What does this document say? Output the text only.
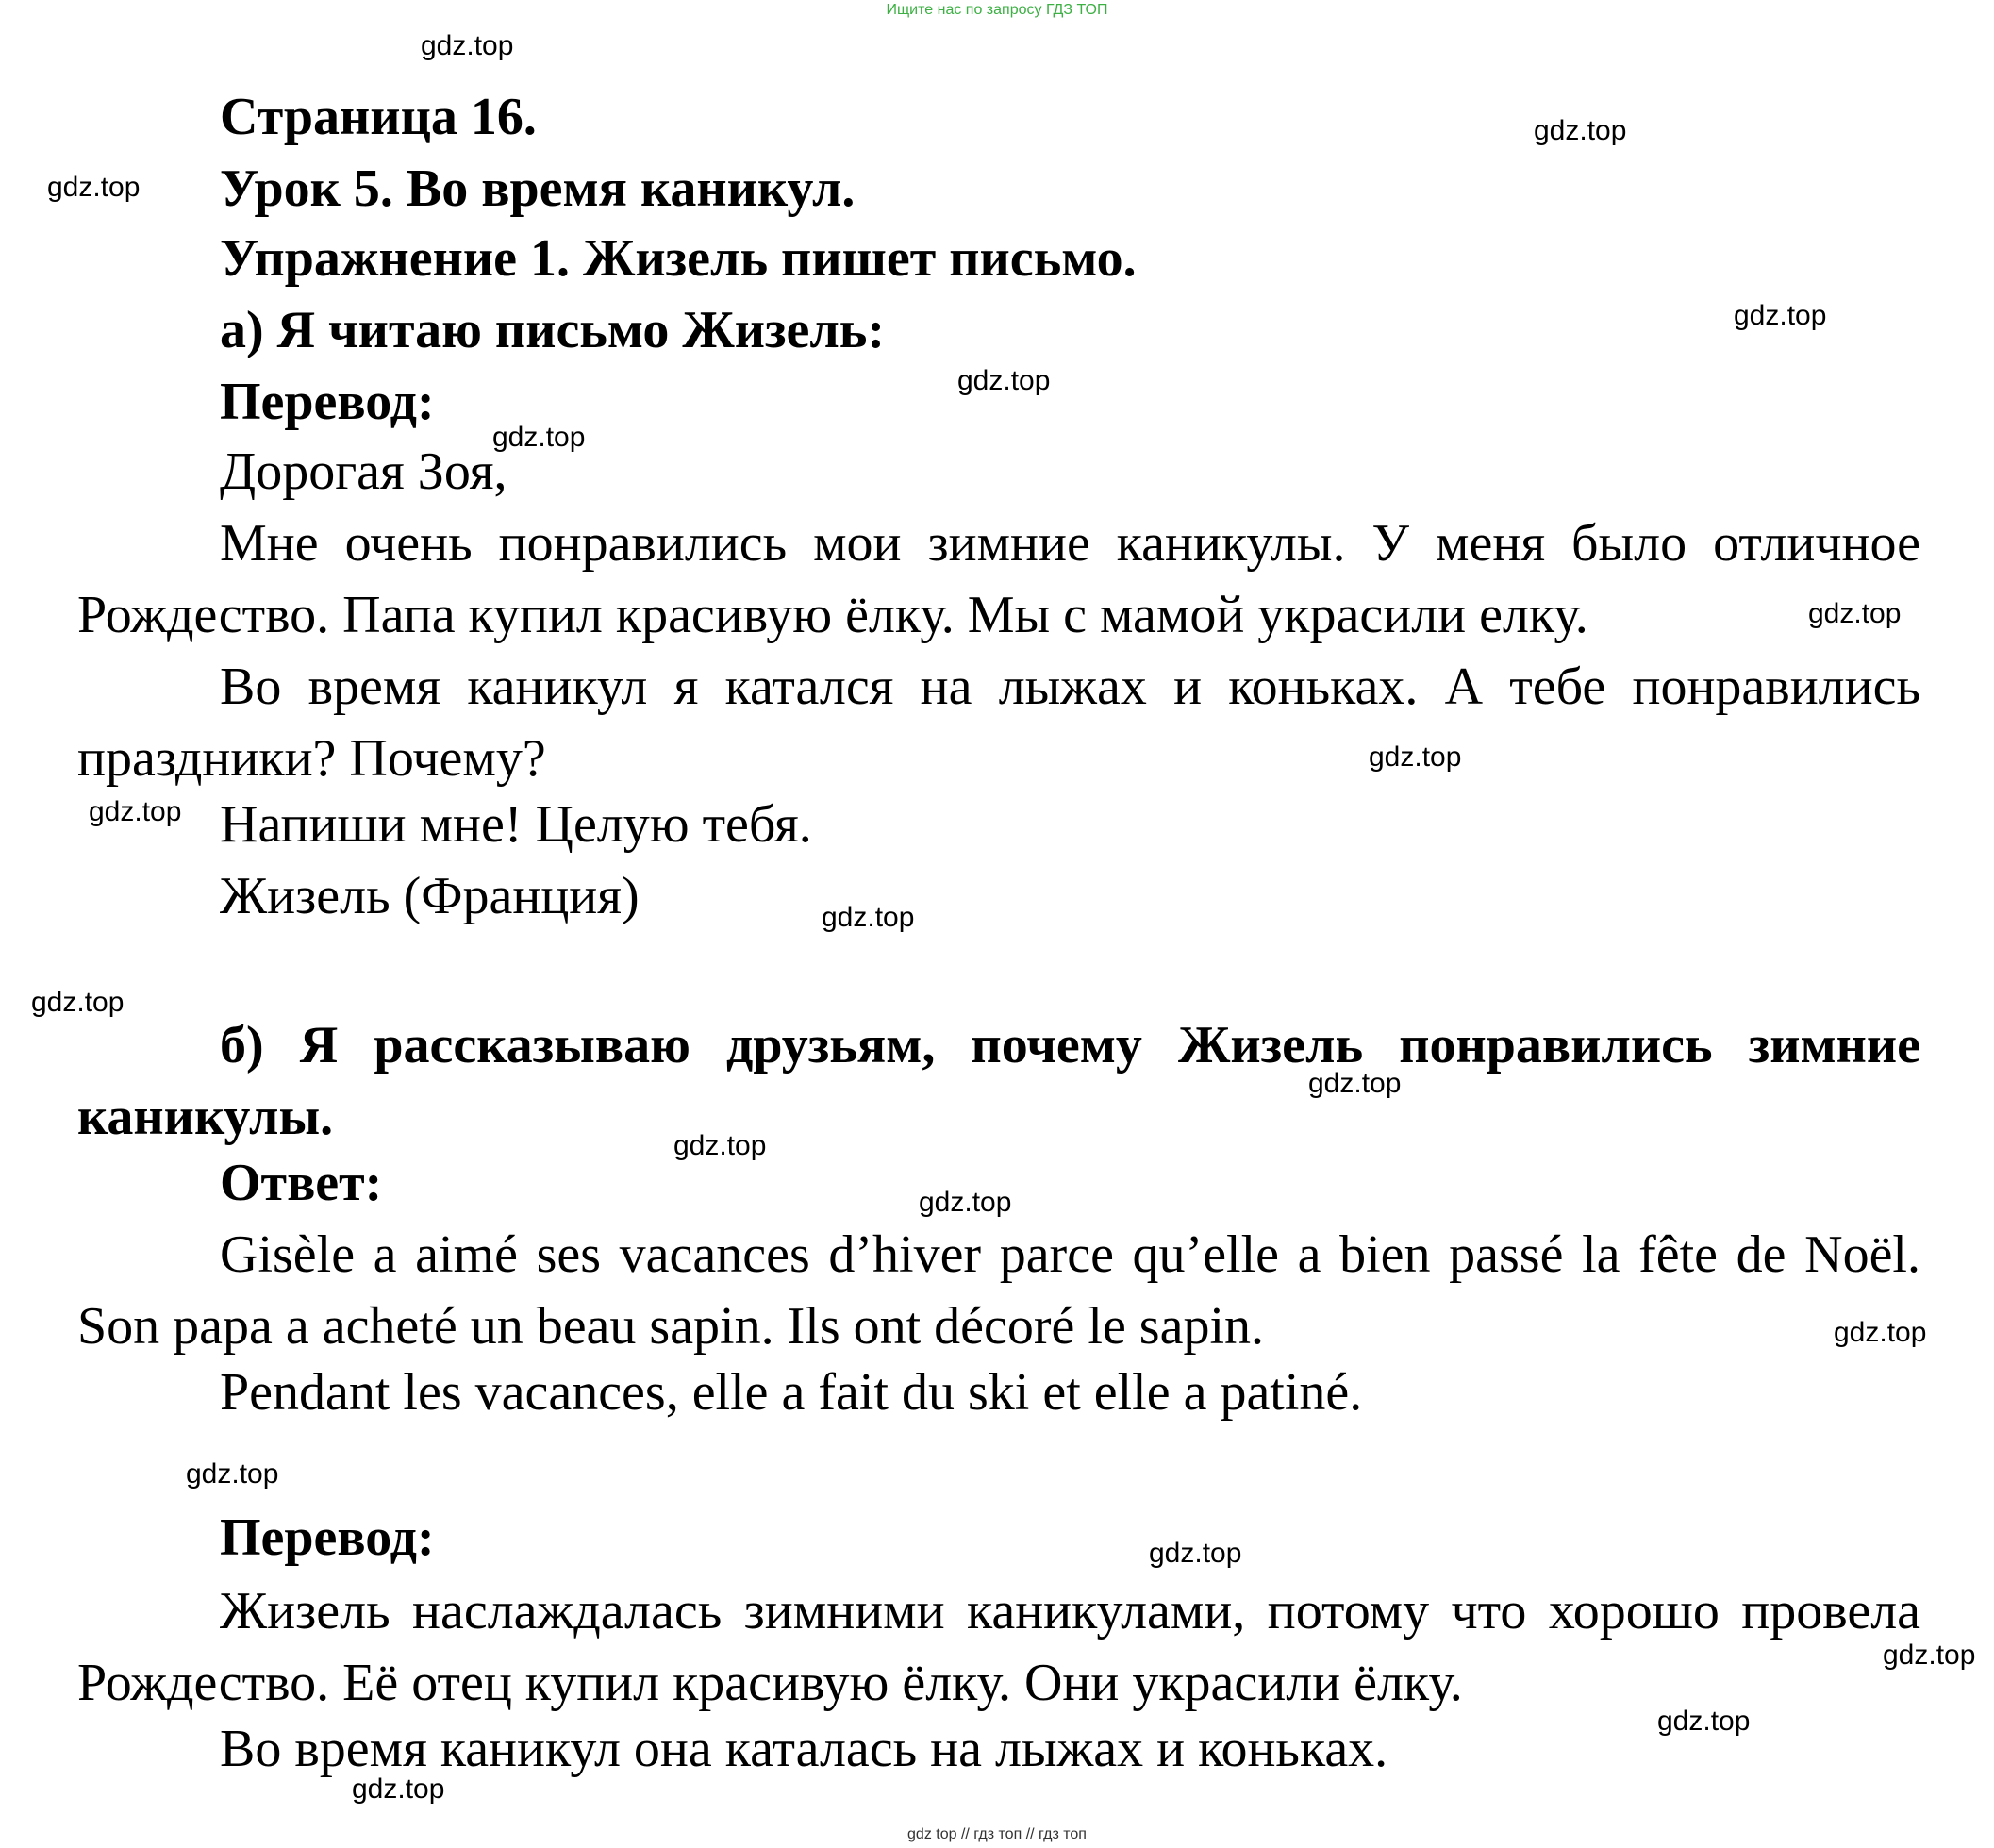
Ищите нас по запросу ГДЗ ТОП
gdz.top
gdz.top
gdz.top
gdz.top
gdz.top
gdz.top
gdz.top
gdz.top
gdz.top
gdz.top
gdz.top
gdz.top
gdz.top
gdz.top
gdz.top
gdz.top
gdz.top
gdz.top
gdz.top
gdz.top
Страница 16.
Урок 5. Во время каникул.
Упражнение 1. Жизель пишет письмо.
а) Я читаю письмо Жизель:
Перевод:
Дорогая Зоя,
Мне очень понравились мои зимние каникулы. У меня было отличное Рождество. Папа купил красивую ёлку. Мы с мамой украсили елку.
Во время каникул я катался на лыжах и коньках. А тебе понравились праздники? Почему?
Напиши мне! Целую тебя.
Жизель (Франция)
б) Я рассказываю друзьям, почему Жизель понравились зимние каникулы.
Ответ:
Gisèle a aimé ses vacances d’hiver parce qu’elle a bien passé la fête de Noël. Son papa a acheté un beau sapin. Ils ont décoré le sapin.
Pendant les vacances, elle a fait du ski et elle a patiné.
Перевод:
Жизель наслаждалась зимними каникулами, потому что хорошо провела Рождество. Её отец купил красивую ёлку. Они украсили ёлку.
Во время каникул она каталась на лыжах и коньках.
gdz top // гдз топ // гдз топ
